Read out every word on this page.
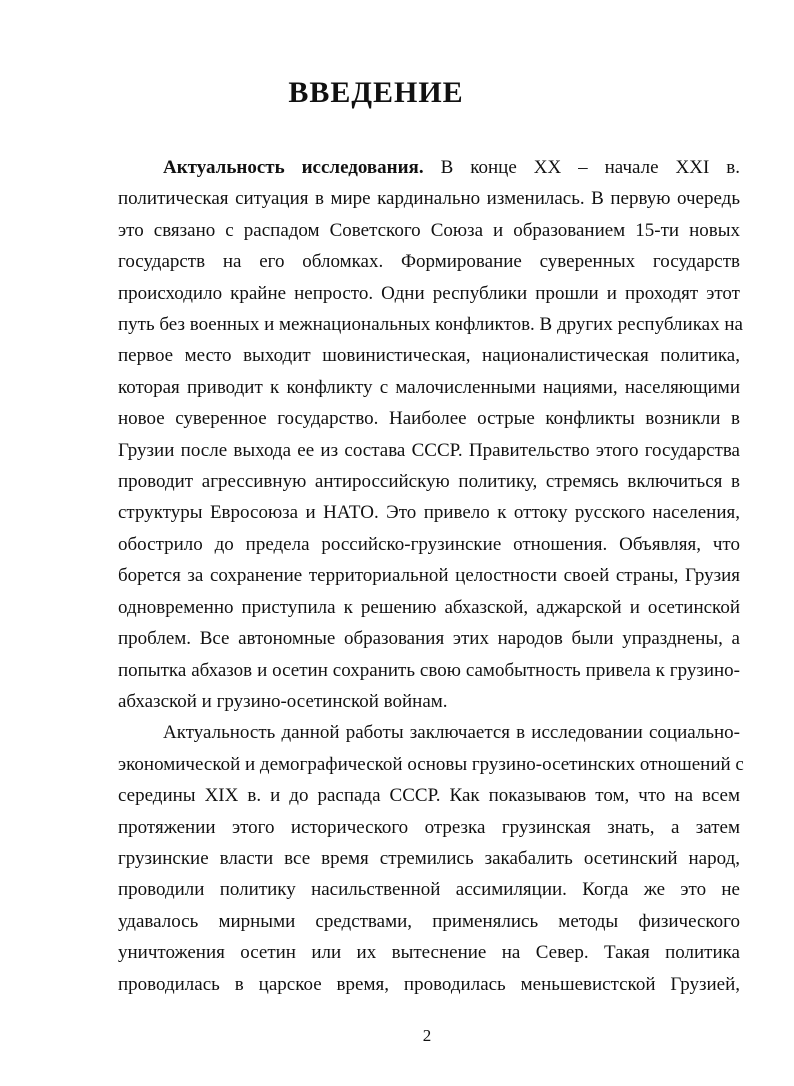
ВВЕДЕНИЕ
Актуальность исследования. В конце XX – начале XXI в.
политическая ситуация в мире кардинально изменилась. В первую очередь
это связано с распадом Советского Союза и образованием 15-ти новых
государств на его обломках. Формирование суверенных государств
происходило крайне непросто. Одни республики прошли и проходят этот
путь без военных и межнациональных конфликтов. В других республиках на
первое место выходит шовинистическая, националистическая политика,
которая приводит к конфликту с малочисленными нациями, населяющими
новое суверенное государство. Наиболее острые конфликты возникли в
Грузии после выхода ее из состава СССР. Правительство этого государства
проводит агрессивную антироссийскую политику, стремясь включиться в
структуры Евросоюза и НАТО. Это привело к оттоку русского населения,
обострило до предела российско-грузинские отношения. Объявляя, что
борется за сохранение территориальной целостности своей страны, Грузия
одновременно приступила к решению абхазской, аджарской и осетинской
проблем. Все автономные образования этих народов были упразднены, а
попытка абхазов и осетин сохранить свою самобытность привела к грузино-
абхазской и грузино-осетинской войнам.
Актуальность данной работы заключается в исследовании социально-
экономической и демографической основы грузино-осетинских отношений с
середины XIX в. и до распада СССР. Как показываюв том, что на всем
протяжении этого исторического отрезка грузинская знать, а затем
грузинские власти все время стремились закабалить осетинский народ,
проводили политику насильственной ассимиляции. Когда же это не
удавалось мирными средствами, применялись методы физического
уничтожения осетин или их вытеснение на Север. Такая политика
проводилась в царское время, проводилась меньшевистской Грузией,
2
